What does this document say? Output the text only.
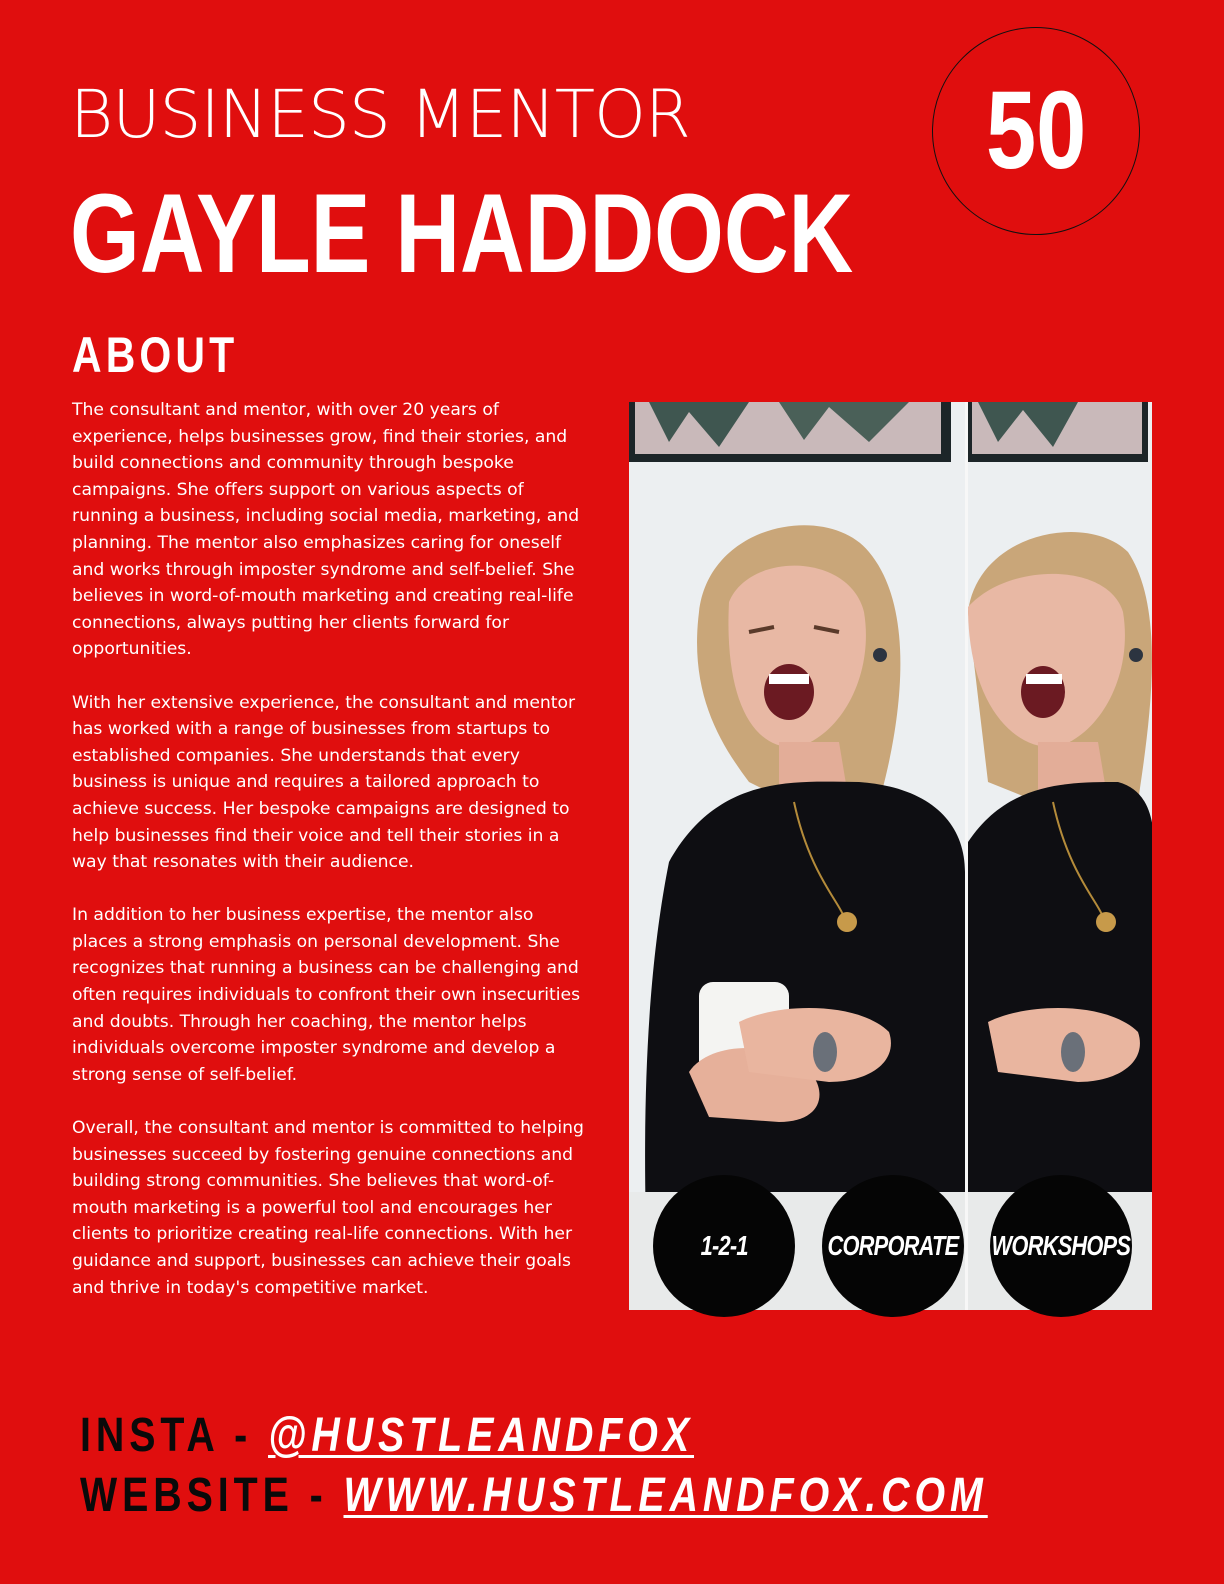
BUSINESS MENTOR
GAYLE HADDOCK
50
ABOUT

The consultant and mentor, with over 20 years of experience, helps businesses grow, find their stories, and build connections and community through bespoke campaigns. She offers support on various aspects of running a business, including social media, marketing, and planning. The mentor also emphasizes caring for oneself and works through imposter syndrome and self-belief. She believes in word-of-mouth marketing and creating real-life connections, always putting her clients forward for opportunities.

With her extensive experience, the consultant and mentor has worked with a range of businesses from startups to established companies. She understands that every business is unique and requires a tailored approach to achieve success. Her bespoke campaigns are designed to help businesses find their voice and tell their stories in a way that resonates with their audience.

In addition to her business expertise, the mentor also places a strong emphasis on personal development. She recognizes that running a business can be challenging and often requires individuals to confront their own insecurities and doubts. Through her coaching, the mentor helps individuals overcome imposter syndrome and develop a strong sense of self-belief.

Overall, the consultant and mentor is committed to helping businesses succeed by fostering genuine connections and building strong communities. She believes that word-of-mouth marketing is a powerful tool and encourages her clients to prioritize creating real-life connections. With her guidance and support, businesses can achieve their goals and thrive in today's competitive market.

1-2-1	CORPORATE WORKSHOPS
INSTA - @HUSTLEANDFOX
WEBSITE - WWW.HUSTLEANDFOX.COM
